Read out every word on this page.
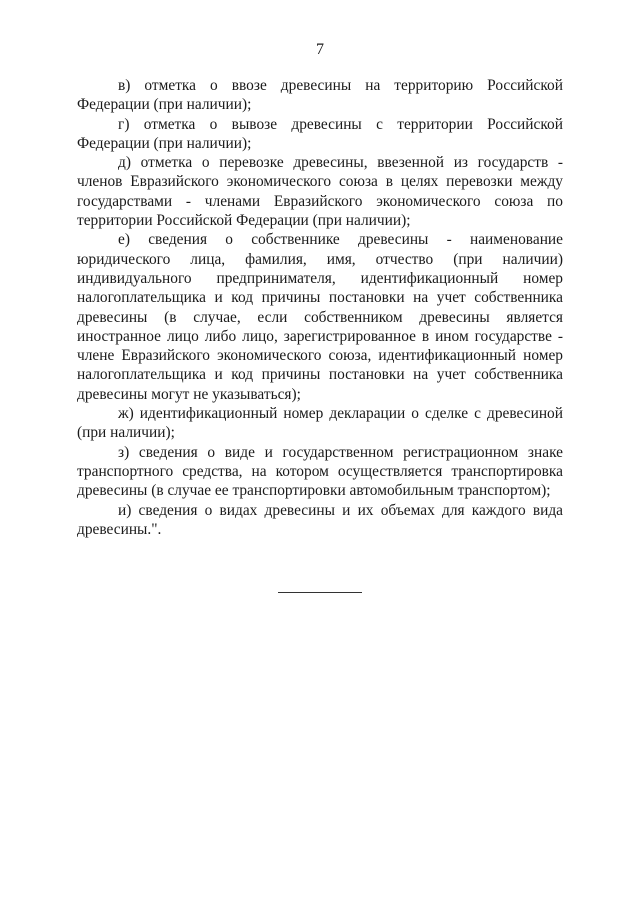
7

в) отметка о ввозе древесины на территорию Российской Федерации (при наличии);

г) отметка о вывозе древесины с территории Российской Федерации (при наличии);

д) отметка о перевозке древесины, ввезенной из государств - членов Евразийского экономического союза в целях перевозки между государствами - членами Евразийского экономического союза по территории Российской Федерации (при наличии);

е) сведения о собственнике древесины - наименование юридического лица, фамилия, имя, отчество (при наличии) индивидуального предпринимателя, идентификационный номер налогоплательщика и код причины постановки на учет собственника древесины (в случае, если собственником древесины является иностранное лицо либо лицо, зарегистрированное в ином государстве - члене Евразийского экономического союза, идентификационный номер налогоплательщика и код причины постановки на учет собственника древесины могут не указываться);

ж) идентификационный номер декларации о сделке с древесиной (при наличии);

з) сведения о виде и государственном регистрационном знаке транспортного средства, на котором осуществляется транспортировка древесины (в случае ее транспортировки автомобильным транспортом);

и) сведения о видах древесины и их объемах для каждого вида древесины.".
